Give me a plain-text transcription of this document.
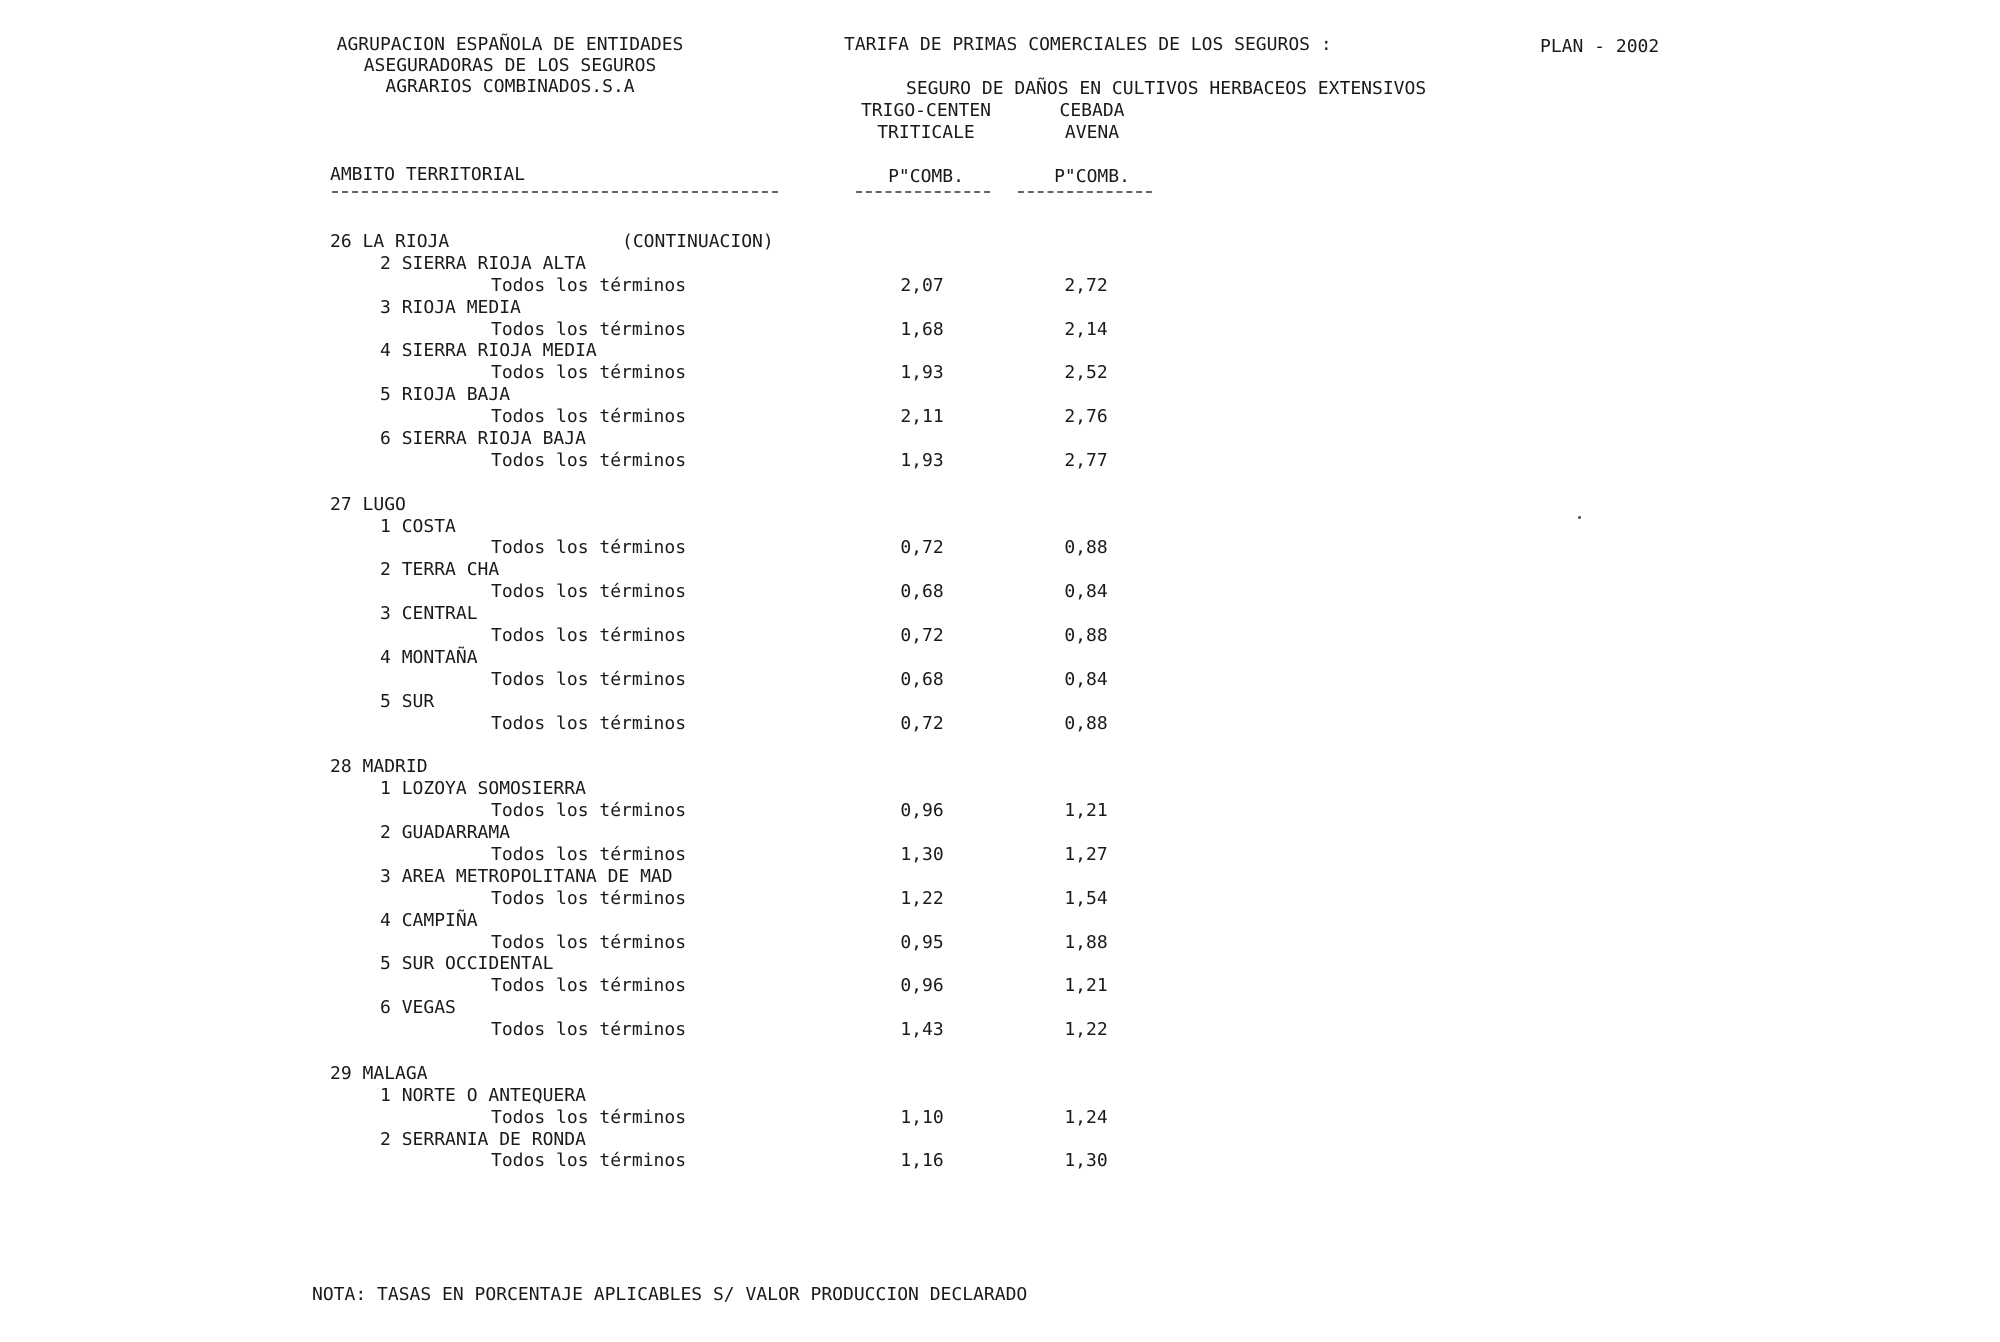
AGRUPACION ESPAÑOLA DE ENTIDADES
ASEGURADORAS DE LOS SEGUROS
AGRARIOS COMBINADOS.S.A
TARIFA DE PRIMAS COMERCIALES DE LOS SEGUROS :	PLAN - 2002
SEGURO DE DAÑOS EN CULTIVOS HERBACEOS EXTENSIVOS
TRIGO-CENTEN
TRITICALE
CEBADA
AVENA
AMBITO TERRITORIAL	P"COMB.	P"COMB.
26 LA RIOJA	(CONTINUACION)
2 SIERRA RIOJA ALTA
Todos los términos	2,07	2,72
3 RIOJA MEDIA
Todos los términos	1,68	2,14
4 SIERRA RIOJA MEDIA
Todos los términos	1,93	2,52
5 RIOJA BAJA
Todos los términos	2,11	2,76
6 SIERRA RIOJA BAJA
Todos los términos	1,93	2,77
27 LUGO
1 COSTA
Todos los términos	0,72	0,88
2 TERRA CHA
Todos los términos	0,68	0,84
3 CENTRAL
Todos los términos	0,72	0,88
4 MONTAÑA
Todos los términos	0,68	0,84
5 SUR
Todos los términos	0,72	0,88
28 MADRID
1 LOZOYA SOMOSIERRA
Todos los términos	0,96	1,21
2 GUADARRAMA
Todos los términos	1,30	1,27
3 AREA METROPOLITANA DE MAD
Todos los términos	1,22	1,54
4 CAMPIÑA
Todos los términos	0,95	1,88
5 SUR OCCIDENTAL
Todos los términos	0,96	1,21
6 VEGAS
Todos los términos	1,43	1,22
29 MALAGA
1 NORTE O ANTEQUERA
Todos los términos	1,10	1,24
2 SERRANIA DE RONDA
Todos los términos	1,16	1,30
NOTA: TASAS EN PORCENTAJE APLICABLES S/ VALOR PRODUCCION DECLARADO
